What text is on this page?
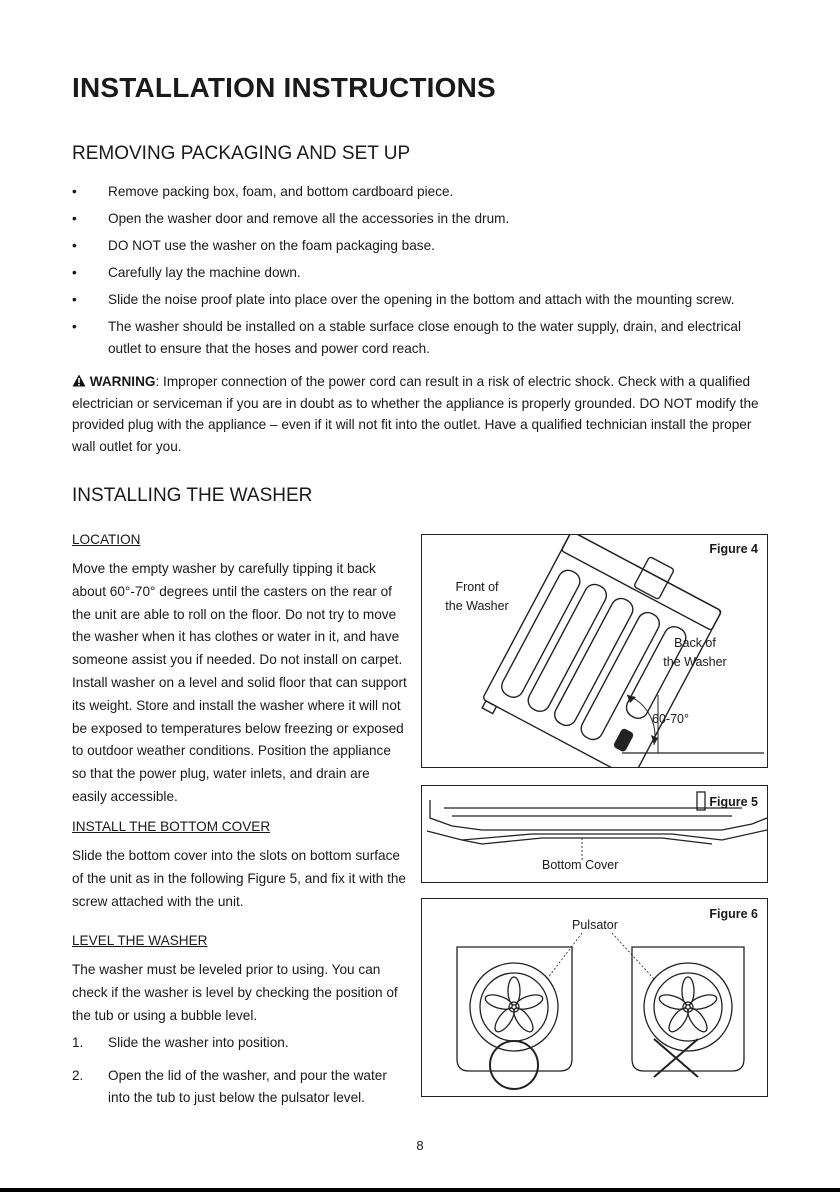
INSTALLATION INSTRUCTIONS
REMOVING PACKAGING AND SET UP
• Remove packing box, foam, and bottom cardboard piece.
• Open the washer door and remove all the accessories in the drum.
• DO NOT use the washer on the foam packaging base.
• Carefully lay the machine down.
• Slide the noise proof plate into place over the opening in the bottom and attach with the mounting screw.
• The washer should be installed on a stable surface close enough to the water supply, drain, and electrical outlet to ensure that the hoses and power cord reach.

WARNING: Improper connection of the power cord can result in a risk of electric shock. Check with a qualified electrician or serviceman if you are in doubt as to whether the appliance is properly grounded. DO NOT modify the provided plug with the appliance – even if it will not fit into the outlet. Have a qualified technician install the proper wall outlet for you.

INSTALLING THE WASHER

LOCATION

Move the empty washer by carefully tipping it back about 60°-70° degrees until the casters on the rear of the unit are able to roll on the floor. Do not try to move the washer when it has clothes or water in it, and have someone assist you if needed. Do not install on carpet. Install washer on a level and solid floor that can support its weight. Store and install the washer where it will not be exposed to temperatures below freezing or exposed to outdoor weather conditions. Position the appliance so that the power plug, water inlets, and drain are easily accessible.

INSTALL THE BOTTOM COVER

Slide the bottom cover into the slots on bottom surface of the unit as in the following Figure 5, and fix it with the screw attached with the unit.

LEVEL THE WASHER

The washer must be leveled prior to using. You can check if the washer is level by checking the position of the tub or using a bubble level.

1. Slide the washer into position.
2. Open the lid of the washer, and pour the water into the tub to just below the pulsator level.
Figure 4
Front of
the Washer
Back of
the Washer
60-70°
Figure 5
Bottom Cover
Figure 6
Pulsator
8
